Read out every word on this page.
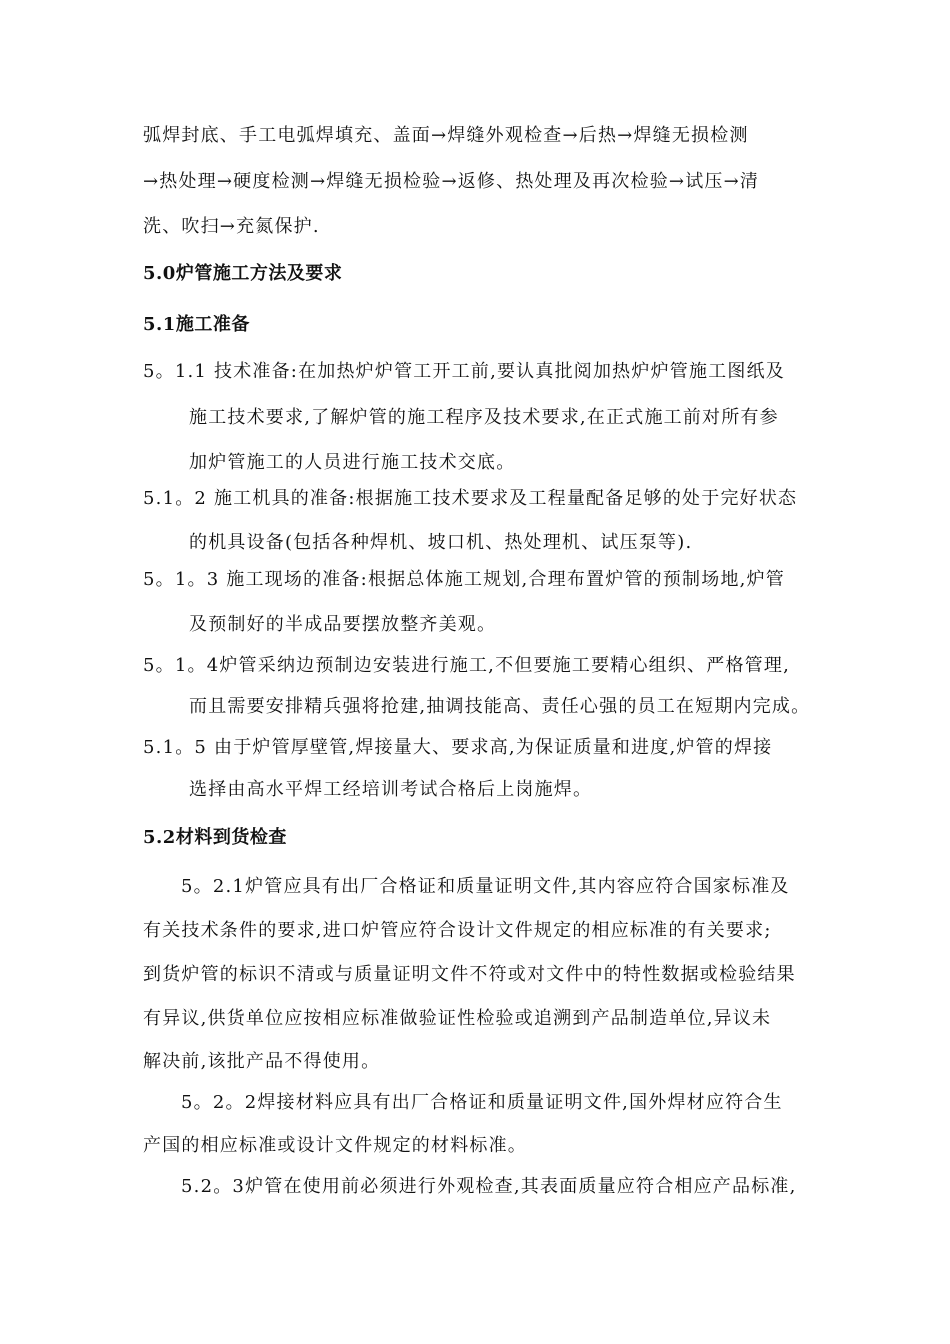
弧焊封底、手工电弧焊填充、盖面→焊缝外观检查→后热→焊缝无损检测
→热处理→硬度检测→焊缝无损检验→返修、热处理及再次检验→试压→清
洗、吹扫→充氮保护.
5.0炉管施工方法及要求
5.1施工准备
5。1.1 技术准备:在加热炉炉管工开工前,要认真批阅加热炉炉管施工图纸及
施工技术要求,了解炉管的施工程序及技术要求,在正式施工前对所有参
加炉管施工的人员进行施工技术交底。
5.1。2 施工机具的准备:根据施工技术要求及工程量配备足够的处于完好状态
的机具设备(包括各种焊机、坡口机、热处理机、试压泵等).
5。1。3 施工现场的准备:根据总体施工规划,合理布置炉管的预制场地,炉管
及预制好的半成品要摆放整齐美观。
5。1。4炉管采纳边预制边安装进行施工,不但要施工要精心组织、严格管理,
而且需要安排精兵强将抢建,抽调技能高、责任心强的员工在短期内完成。
5.1。5 由于炉管厚壁管,焊接量大、要求高,为保证质量和进度,炉管的焊接
选择由高水平焊工经培训考试合格后上岗施焊。
5.2材料到货检查
5。2.1炉管应具有出厂合格证和质量证明文件,其内容应符合国家标准及
有关技术条件的要求,进口炉管应符合设计文件规定的相应标准的有关要求;
到货炉管的标识不清或与质量证明文件不符或对文件中的特性数据或检验结果
有异议,供货单位应按相应标准做验证性检验或追溯到产品制造单位,异议未
解决前,该批产品不得使用。
5。2。2焊接材料应具有出厂合格证和质量证明文件,国外焊材应符合生
产国的相应标准或设计文件规定的材料标准。
5.2。3炉管在使用前必须进行外观检查,其表面质量应符合相应产品标准,
